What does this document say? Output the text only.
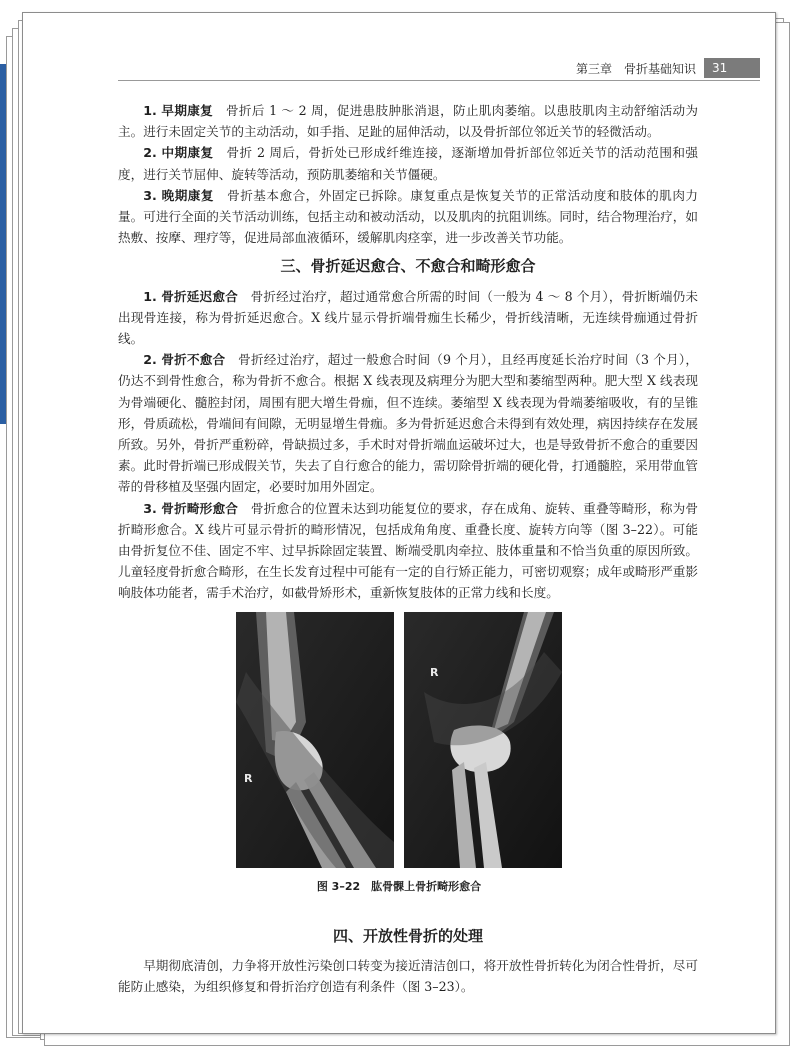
第三章　骨折基础知识	31

1. 早期康复　 骨折后 1 ～ 2 周，促进患肢肿胀消退，防止肌肉萎缩。以患肢肌肉主动舒缩活动为主。进行未固定关节的主动活动，如手指、足趾的屈伸活动，以及骨折部位邻近关节的轻微活动。

2. 中期康复　 骨折 2 周后，骨折处已形成纤维连接，逐渐增加骨折部位邻近关节的活动范围和强度，进行关节屈伸、旋转等活动，预防肌萎缩和关节僵硬。

3. 晚期康复　 骨折基本愈合，外固定已拆除。康复重点是恢复关节的正常活动度和肢体的肌肉力量。可进行全面的关节活动训练，包括主动和被动活动，以及肌肉的抗阻训练。同时，结合物理治疗，如热敷、按摩、理疗等，促进局部血液循环，缓解肌肉痉挛，进一步改善关节功能。

三、骨折延迟愈合、不愈合和畸形愈合

1. 骨折延迟愈合　 骨折经过治疗，超过通常愈合所需的时间（一般为 4 ～ 8 个月），骨折断端仍未出现骨连接，称为骨折延迟愈合。X 线片显示骨折端骨痂生长稀少，骨折线清晰，无连续骨痂通过骨折线。

2. 骨折不愈合　 骨折经过治疗，超过一般愈合时间（9 个月），且经再度延长治疗时间（3 个月），仍达不到骨性愈合，称为骨折不愈合。根据 X 线表现及病理分为肥大型和萎缩型两种。肥大型 X 线表现为骨端硬化、髓腔封闭，周围有肥大增生骨痂，但不连续。萎缩型 X 线表现为骨端萎缩吸收，有的呈锥形，骨质疏松，骨端间有间隙，无明显增生骨痂。多为骨折延迟愈合未得到有效处理，病因持续存在发展所致。另外，骨折严重粉碎，骨缺损过多，手术时对骨折端血运破坏过大，也是导致骨折不愈合的重要因素。此时骨折端已形成假关节，失去了自行愈合的能力，需切除骨折端的硬化骨，打通髓腔，采用带血管蒂的骨移植及坚强内固定，必要时加用外固定。

3. 骨折畸形愈合　 骨折愈合的位置未达到功能复位的要求，存在成角、旋转、重叠等畸形，称为骨折畸形愈合。X 线片可显示骨折的畸形情况，包括成角角度、重叠长度、旋转方向等（图 3–22）。可能由骨折复位不佳、固定不牢、过早拆除固定装置、断端受肌肉牵拉、肢体重量和不恰当负重的原因所致。儿童轻度骨折愈合畸形，在生长发育过程中可能有一定的自行矫正能力，可密切观察；成年或畸形严重影响肢体功能者，需手术治疗，如截骨矫形术，重新恢复肢体的正常力线和长度。

R
R
图 3–22　肱骨髁上骨折畸形愈合
四、开放性骨折的处理

早期彻底清创，力争将开放性污染创口转变为接近清洁创口，将开放性骨折转化为闭合性骨折，尽可能防止感染，为组织修复和骨折治疗创造有利条件（图 3–23）。
